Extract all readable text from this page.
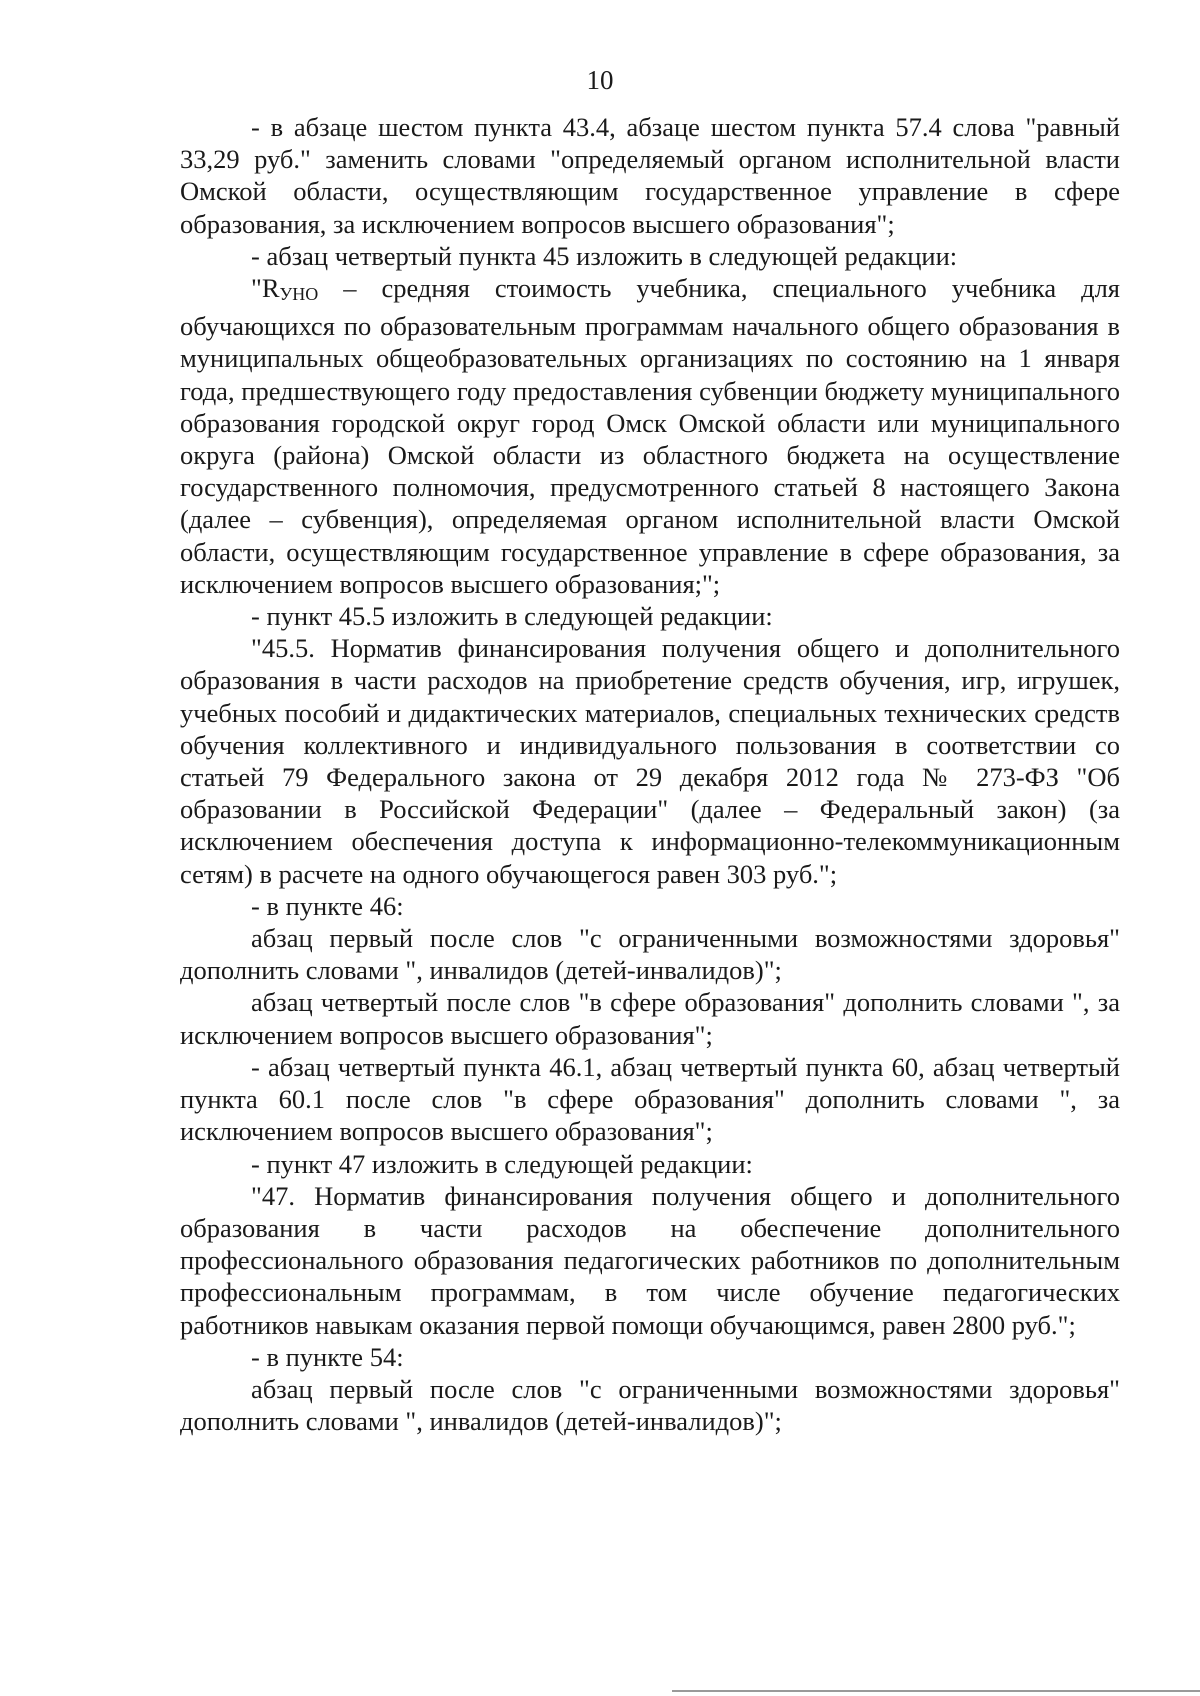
10

- в абзаце шестом пункта 43.4, абзаце шестом пункта 57.4 слова "равный 33,29 руб." заменить словами "определяемый органом исполнительной власти Омской области, осуществляющим государственное управление в сфере образования, за исключением вопросов высшего образования";

- абзац четвертый пункта 45 изложить в следующей редакции:

"RУНО – средняя стоимость учебника, специального учебника для обучающихся по образовательным программам начального общего образования в муниципальных общеобразовательных организациях по состоянию на 1 января года, предшествующего году предоставления субвенции бюджету муниципального образования городской округ город Омск Омской области или муниципального округа (района) Омской области из областного бюджета на осуществление государственного полномочия, предусмотренного статьей 8 настоящего Закона (далее – субвенция), определяемая органом исполнительной власти Омской области, осуществляющим государственное управление в сфере образования, за исключением вопросов высшего образования;";

- пункт 45.5 изложить в следующей редакции:

"45.5. Норматив финансирования получения общего и дополнительного образования в части расходов на приобретение средств обучения, игр, игрушек, учебных пособий и дидактических материалов, специальных технических средств обучения коллективного и индивидуального пользования в соответствии со статьей 79 Федерального закона от 29 декабря 2012 года № 273-ФЗ "Об образовании в Российской Федерации" (далее – Федеральный закон) (за исключением обеспечения доступа к информационно-телекоммуникационным сетям) в расчете на одного обучающегося равен 303 руб.";

- в пункте 46:

абзац первый после слов "с ограниченными возможностями здоровья" дополнить словами ", инвалидов (детей-инвалидов)";

абзац четвертый после слов "в сфере образования" дополнить словами ", за исключением вопросов высшего образования";

- абзац четвертый пункта 46.1, абзац четвертый пункта 60, абзац четвертый пункта 60.1 после слов "в сфере образования" дополнить словами ", за исключением вопросов высшего образования";

- пункт 47 изложить в следующей редакции:

"47. Норматив финансирования получения общего и дополнительного образования в части расходов на обеспечение дополнительного профессионального образования педагогических работников по дополнительным профессиональным программам, в том числе обучение педагогических работников навыкам оказания первой помощи обучающимся, равен 2800 руб.";

- в пункте 54:

абзац первый после слов "с ограниченными возможностями здоровья" дополнить словами ", инвалидов (детей-инвалидов)";
